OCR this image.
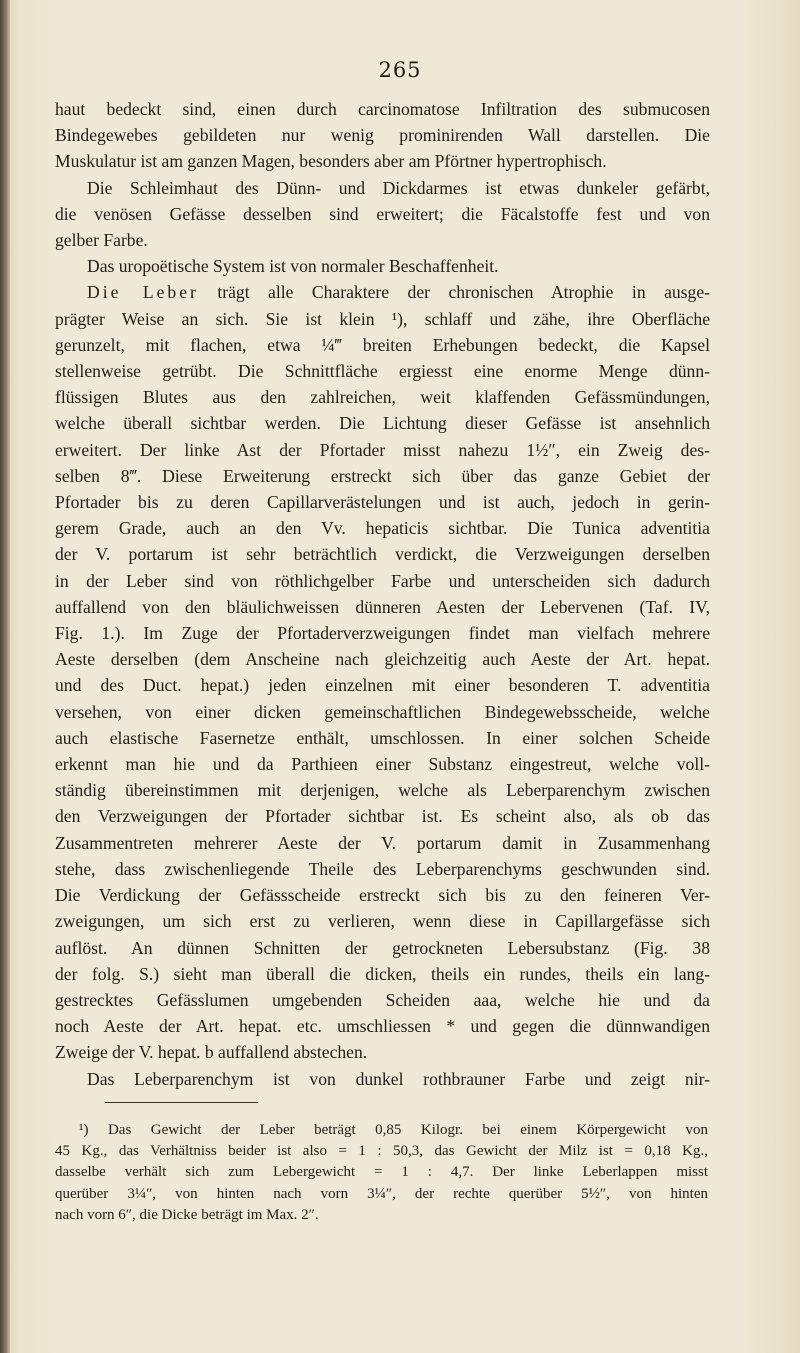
265

haut bedeckt sind, einen durch carcinomatose Infiltration des submucosen
Bindegewebes gebildeten nur wenig prominirenden Wall darstellen. Die
Muskulatur ist am ganzen Magen, besonders aber am Pförtner hypertrophisch.

Die Schleimhaut des Dünn- und Dickdarmes ist etwas dunkeler gefärbt,
die venösen Gefässe desselben sind erweitert; die Fäcalstoffe fest und von
gelber Farbe.

Das uropoëtische System ist von normaler Beschaffenheit.

Die Leber trägt alle Charaktere der chronischen Atrophie in ausge-
prägter Weise an sich. Sie ist klein ¹), schlaff und zähe, ihre Oberfläche
gerunzelt, mit flachen, etwa ¼‴ breiten Erhebungen bedeckt, die Kapsel
stellenweise getrübt. Die Schnittfläche ergiesst eine enorme Menge dünn-
flüssigen Blutes aus den zahlreichen, weit klaffenden Gefässmündungen,
welche überall sichtbar werden. Die Lichtung dieser Gefässe ist ansehnlich
erweitert. Der linke Ast der Pfortader misst nahezu 1½″, ein Zweig des-
selben 8‴. Diese Erweiterung erstreckt sich über das ganze Gebiet der
Pfortader bis zu deren Capillarverästelungen und ist auch, jedoch in gerin-
gerem Grade, auch an den Vv. hepaticis sichtbar. Die Tunica adventitia
der V. portarum ist sehr beträchtlich verdickt, die Verzweigungen derselben
in der Leber sind von röthlichgelber Farbe und unterscheiden sich dadurch
auffallend von den bläulichweissen dünneren Aesten der Lebervenen (Taf. IV,
Fig. 1.). Im Zuge der Pfortaderverzweigungen findet man vielfach mehrere
Aeste derselben (dem Anscheine nach gleichzeitig auch Aeste der Art. hepat.
und des Duct. hepat.) jeden einzelnen mit einer besonderen T. adventitia
versehen, von einer dicken gemeinschaftlichen Bindegewebsscheide, welche
auch elastische Fasernetze enthält, umschlossen. In einer solchen Scheide
erkennt man hie und da Parthieen einer Substanz eingestreut, welche voll-
ständig übereinstimmen mit derjenigen, welche als Leberparenchym zwischen
den Verzweigungen der Pfortader sichtbar ist. Es scheint also, als ob das
Zusammentreten mehrerer Aeste der V. portarum damit in Zusammenhang
stehe, dass zwischenliegende Theile des Leberparenchyms geschwunden sind.
Die Verdickung der Gefässscheide erstreckt sich bis zu den feineren Ver-
zweigungen, um sich erst zu verlieren, wenn diese in Capillargefässe sich
auflöst. An dünnen Schnitten der getrockneten Lebersubstanz (Fig. 38
der folg. S.) sieht man überall die dicken, theils ein rundes, theils ein lang-
gestrecktes Gefässlumen umgebenden Scheiden aaa, welche hie und da
noch Aeste der Art. hepat. etc. umschliessen * und gegen die dünnwandigen
Zweige der V. hepat. b auffallend abstechen.

Das Leberparenchym ist von dunkel rothbrauner Farbe und zeigt nir-

¹) Das Gewicht der Leber beträgt 0,85 Kilogr. bei einem Körpergewicht von
45 Kg., das Verhältniss beider ist also = 1 : 50,3, das Gewicht der Milz ist = 0,18 Kg.,
dasselbe verhält sich zum Lebergewicht = 1 : 4,7. Der linke Leberlappen misst
querüber 3¼″, von hinten nach vorn 3¼″, der rechte querüber 5½″, von hinten
nach vorn 6″, die Dicke beträgt im Max. 2″.
